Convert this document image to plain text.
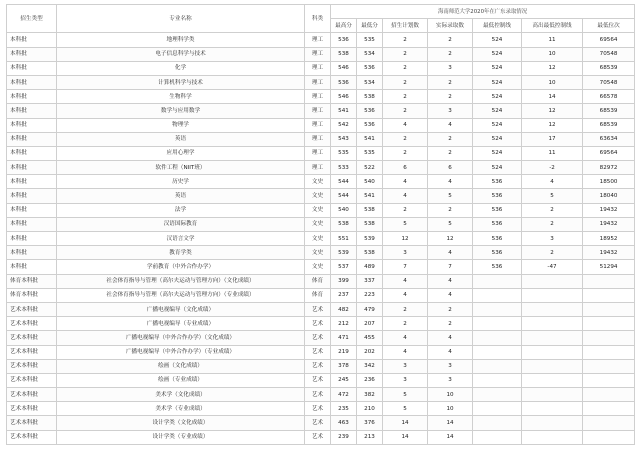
招生类型	专业名称	科类	海南师范大学2020年在广东录取情况						
			最高分	最低分	招生计划数	实际录取数	最低控制线	高出最低控制线	最低位次
本科批	地理科学类	理工	536	535	2	2	524	11	69564
本科批	电子信息科学与技术	理工	538	534	2	2	524	10	70548
本科批	化学	理工	546	536	2	3	524	12	68539
本科批	计算机科学与技术	理工	536	534	2	2	524	10	70548
本科批	生物科学	理工	546	538	2	2	524	14	66578
本科批	数学与应用数学	理工	541	536	2	3	524	12	68539
本科批	物理学	理工	542	536	4	4	524	12	68539
本科批	英语	理工	543	541	2	2	524	17	63634
本科批	应用心理学	理工	535	535	2	2	524	11	69564
本科批	软件工程（NIIT班）	理工	533	522	6	6	524	-2	82972
本科批	历史学	文史	544	540	4	4	536	4	18500
本科批	英语	文史	544	541	4	5	536	5	18040
本科批	法学	文史	540	538	2	2	536	2	19432
本科批	汉语国际教育	文史	538	538	5	5	536	2	19432
本科批	汉语言文学	文史	551	539	12	12	536	3	18952
本科批	教育学类	文史	539	538	3	4	536	2	19432
本科批	学前教育（中外合作办学）	文史	537	489	7	7	536	-47	51294
体育本科批	社会体育指导与管理（高尔夫运动与管理方向）（文化成绩）	体育	399	337	4	4			
体育本科批	社会体育指导与管理（高尔夫运动与管理方向）（专业成绩）	体育	237	223	4	4			
艺术本科批	广播电视编导（文化成绩）	艺术	482	479	2	2			
艺术本科批	广播电视编导（专业成绩）	艺术	212	207	2	2			
艺术本科批	广播电视编导（中外合作办学）（文化成绩）	艺术	471	455	4	4			
艺术本科批	广播电视编导（中外合作办学）（专业成绩）	艺术	219	202	4	4			
艺术本科批	绘画（文化成绩）	艺术	378	342	3	3			
艺术本科批	绘画（专业成绩）	艺术	245	236	3	3			
艺术本科批	美术学（文化成绩）	艺术	472	382	5	10			
艺术本科批	美术学（专业成绩）	艺术	235	210	5	10			
艺术本科批	设计学类（文化成绩）	艺术	463	376	14	14			
艺术本科批	设计学类（专业成绩）	艺术	239	213	14	14			
